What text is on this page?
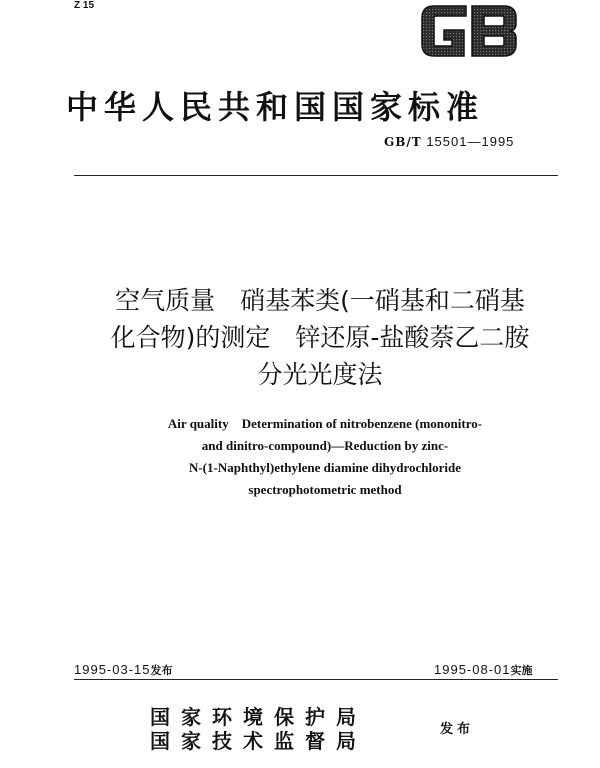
Z 15
中华人民共和国国家标准
GB/T 15501—1995
空气质量　硝基苯类(一硝基和二硝基
化合物)的测定　锌还原-盐酸萘乙二胺
分光光度法
Air quality　Determination of nitrobenzene (mononitro-
and dinitro-compound)—Reduction by zinc-
N-(1-Naphthyl)ethylene diamine dihydrochloride
spectrophotometric method
1995-03-15发布	1995-08-01实施
国家环境保护局
国家技术监督局	发布
